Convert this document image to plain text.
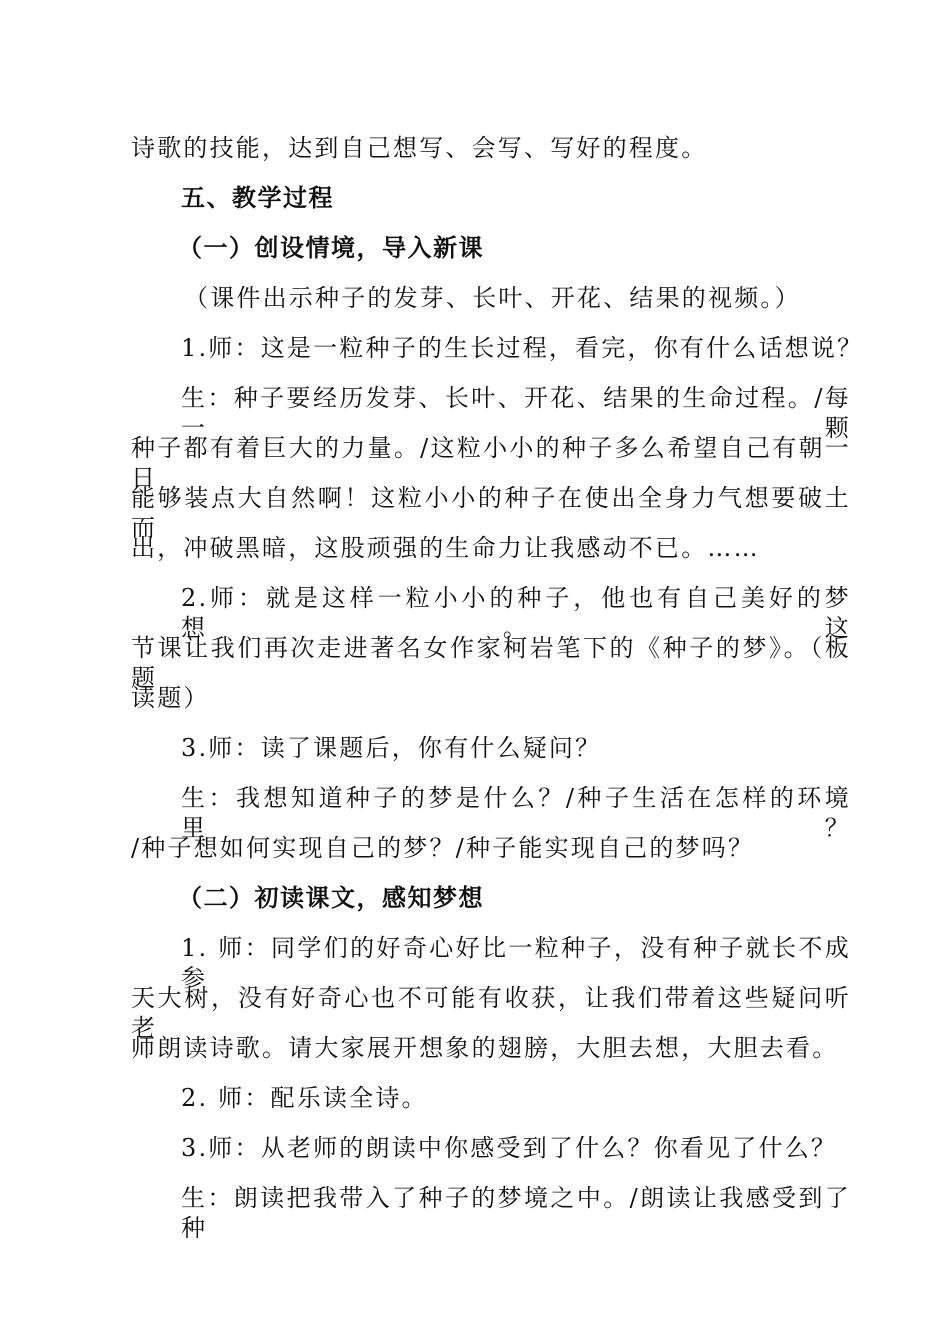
诗歌的技能，达到自己想写、会写、写好的程度。
五、教学过程
（一）创设情境，导入新课
（课件出示种子的发芽、长叶、开花、结果的视频。）
1.师：这是一粒种子的生长过程，看完，你有什么话想说？
生：种子要经历发芽、长叶、开花、结果的生命过程。/每一颗
种子都有着巨大的力量。/这粒小小的种子多么希望自己有朝一日
能够装点大自然啊！这粒小小的种子在使出全身力气想要破土而
出，冲破黑暗，这股顽强的生命力让我感动不已。……
2.师：就是这样一粒小小的种子，他也有自己美好的梦想。这
节课让我们再次走进著名女作家柯岩笔下的《种子的梦》。（板题
读题）
3.师：读了课题后，你有什么疑问？
生：我想知道种子的梦是什么？/种子生活在怎样的环境里？
/种子想如何实现自己的梦？/种子能实现自己的梦吗？
（二）初读课文，感知梦想
1. 师：同学们的好奇心好比一粒种子，没有种子就长不成参
天大树，没有好奇心也不可能有收获，让我们带着这些疑问听老
师朗读诗歌。请大家展开想象的翅膀，大胆去想，大胆去看。
2. 师：配乐读全诗。
3.师：从老师的朗读中你感受到了什么？你看见了什么？
生：朗读把我带入了种子的梦境之中。/朗读让我感受到了种
